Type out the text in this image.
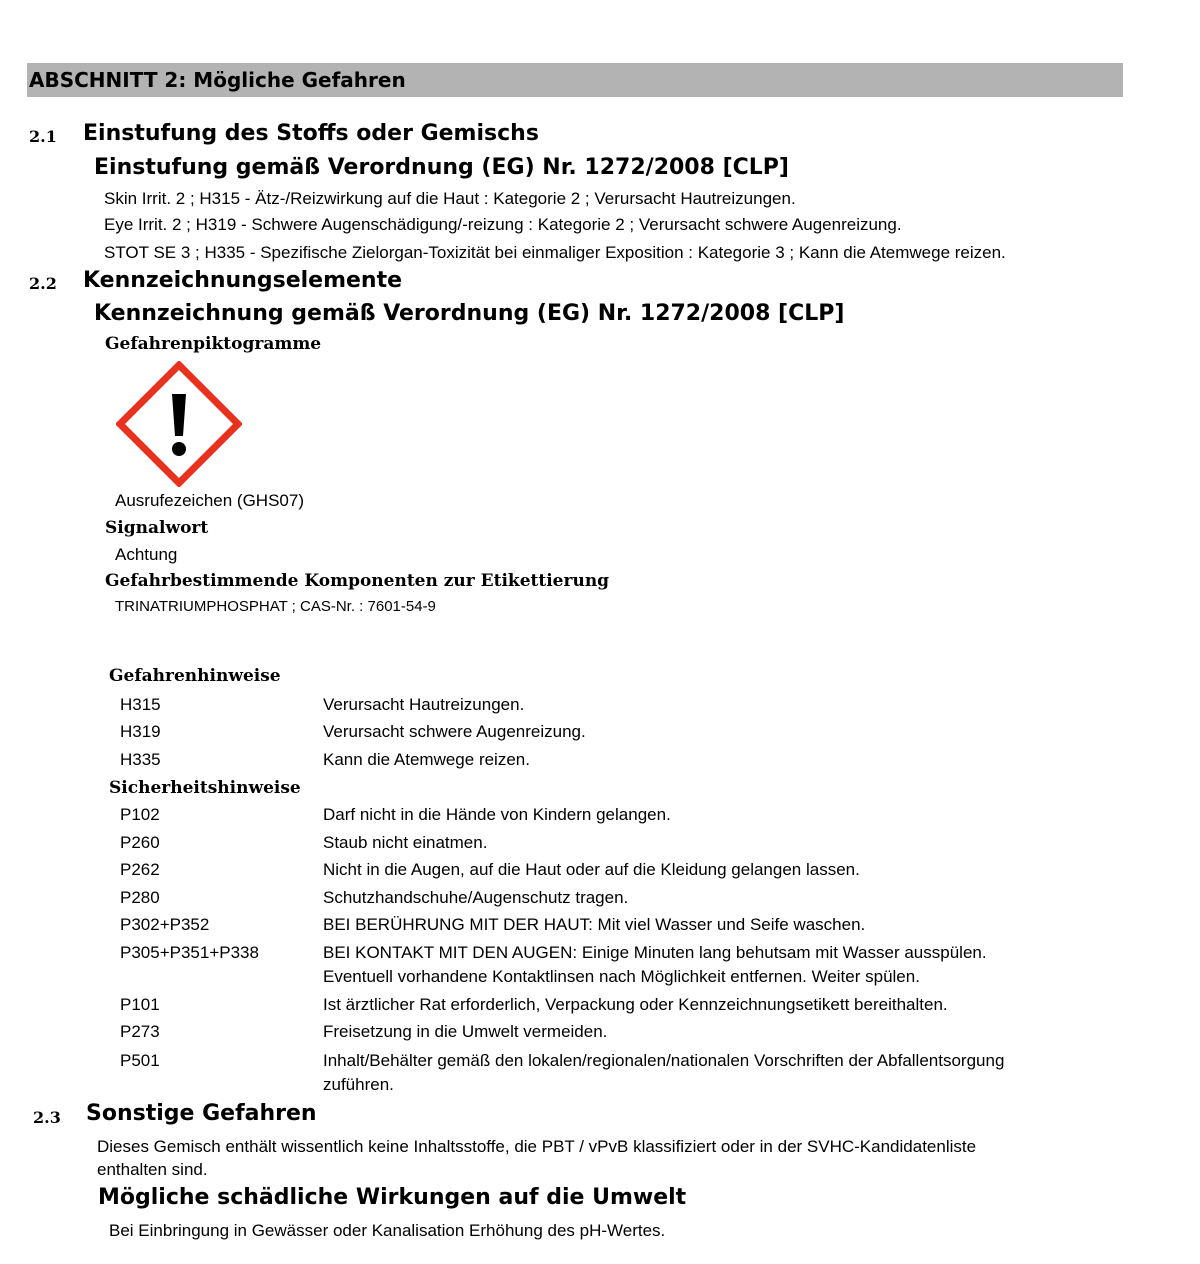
ABSCHNITT 2: Mögliche Gefahren
2.1 Einstufung des Stoffs oder Gemischs
Einstufung gemäß Verordnung (EG) Nr. 1272/2008 [CLP]
Skin Irrit. 2 ; H315 - Ätz-/Reizwirkung auf die Haut : Kategorie 2 ; Verursacht Hautreizungen.
Eye Irrit. 2 ; H319 - Schwere Augenschädigung/-reizung : Kategorie 2 ; Verursacht schwere Augenreizung.
STOT SE 3 ; H335 - Spezifische Zielorgan-Toxizität bei einmaliger Exposition : Kategorie 3 ; Kann die Atemwege reizen.
2.2 Kennzeichnungselemente
Kennzeichnung gemäß Verordnung (EG) Nr. 1272/2008 [CLP]
Gefahrenpiktogramme
Ausrufezeichen (GHS07)
Signalwort
Achtung
Gefahrbestimmende Komponenten zur Etikettierung
TRINATRIUMPHOSPHAT ; CAS-Nr. : 7601-54-9
Gefahrenhinweise
H315	Verursacht Hautreizungen.
H319	Verursacht schwere Augenreizung.
H335	Kann die Atemwege reizen.
Sicherheitshinweise
P102	Darf nicht in die Hände von Kindern gelangen.
P260	Staub nicht einatmen.
P262	Nicht in die Augen, auf die Haut oder auf die Kleidung gelangen lassen.
P280	Schutzhandschuhe/Augenschutz tragen.
P302+P352	BEI BERÜHRUNG MIT DER HAUT: Mit viel Wasser und Seife waschen.
P305+P351+P338	BEI KONTAKT MIT DEN AUGEN: Einige Minuten lang behutsam mit Wasser ausspülen.
Eventuell vorhandene Kontaktlinsen nach Möglichkeit entfernen. Weiter spülen.
P101	Ist ärztlicher Rat erforderlich, Verpackung oder Kennzeichnungsetikett bereithalten.
P273	Freisetzung in die Umwelt vermeiden.
P501	Inhalt/Behälter gemäß den lokalen/regionalen/nationalen Vorschriften der Abfallentsorgung
zuführen.
2.3 Sonstige Gefahren
Dieses Gemisch enthält wissentlich keine Inhaltsstoffe, die PBT / vPvB klassifiziert oder in der SVHC-Kandidatenliste
enthalten sind.
Mögliche schädliche Wirkungen auf die Umwelt
Bei Einbringung in Gewässer oder Kanalisation Erhöhung des pH-Wertes.
